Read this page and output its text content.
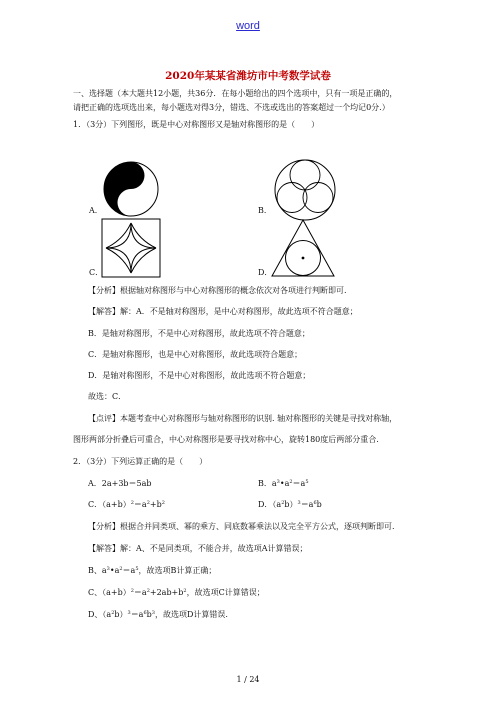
word
2020年某某省潍坊市中考数学试卷
一、选择题（本大题共12小题，共36分．在每小题给出的四个选项中，只有一项是正确的，
请把正确的选项选出来，每小题选对得3分，错选、不选或选出的答案超过一个均记0分.）
1．（3分）下列图形，既是中心对称图形又是轴对称图形的是（　　）
A．	B．
C．	D．
【分析】根据轴对称图形与中心对称图形的概念依次对各项进行判断即可.
【解答】解：A．不是轴对称图形，是中心对称图形，故此选项不符合题意；
B．是轴对称图形，不是中心对称图形，故此选项不符合题意；
C．是轴对称图形，也是中心对称图形，故此选项符合题意；
D．是轴对称图形，不是中心对称图形，故此选项不符合题意；
故选：C．
【点评】本题考查中心对称图形与轴对称图形的识别. 轴对称图形的关键是寻找对称轴，
图形两部分折叠后可重合，中心对称图形是要寻找对称中心，旋转180度后两部分重合.
2．（3分）下列运算正确的是（　　）
A．2a+3b＝5ab	B．$a^3•a^2=a^5$
C．$(a+b)^2=a^2+b^2$	D．$(a^2b)^3=a^6b$
【分析】根据合并同类项、幂的乘方、同底数幂乘法以及完全平方公式，逐项判断即可.
【解答】解：A、不是同类项，不能合并，故选项A计算错误；
B、$a^3•a^2=a^5$，故选项B计算正确；
C、$(a+b)^2=a^2+2ab+b^2$，故选项C计算错误；
D、$(a^2b)^3=a^6b^3$，故选项D计算错误.
1 / 24
